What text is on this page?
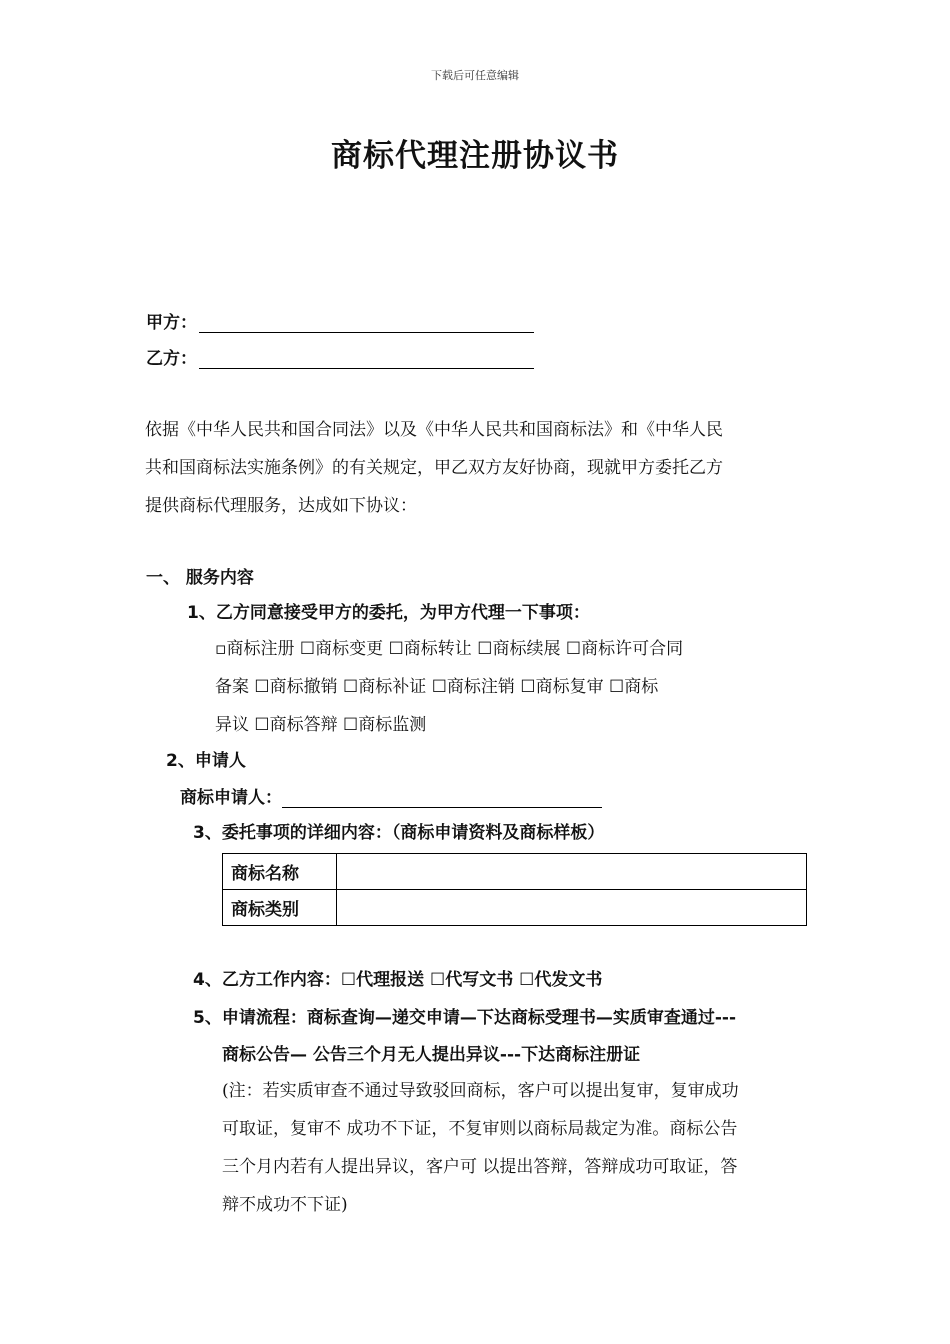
下载后可任意编辑
商标代理注册协议书
甲方：
乙方：
依据《中华人民共和国合同法》以及《中华人民共和国商标法》和《中华人民
共和国商标法实施条例》的有关规定，甲乙双方友好协商，现就甲方委托乙方
提供商标代理服务，达成如下协议：
一、 服务内容
1、乙方同意接受甲方的委托，为甲方代理一下事项：
▫商标注册 ☐商标变更 ☐商标转让 ☐商标续展 ☐商标许可合同
备案 ☐商标撤销 ☐商标补证 ☐商标注销 ☐商标复审 ☐商标
异议 ☐商标答辩 ☐商标监测
2、申请人
商标申请人：
3、委托事项的详细内容：（商标申请资料及商标样板）
商标名称	
商标类别	
4、乙方工作内容：☐代理报送 ☐代写文书 ☐代发文书
5、申请流程：商标查询—递交申请—下达商标受理书—实质审查通过---
商标公告— 公告三个月无人提出异议---下达商标注册证
(注：若实质审查不通过导致驳回商标，客户可以提出复审，复审成功
可取证，复审不 成功不下证，不复审则以商标局裁定为准。商标公告
三个月内若有人提出异议，客户可 以提出答辩，答辩成功可取证，答
辩不成功不下证)
